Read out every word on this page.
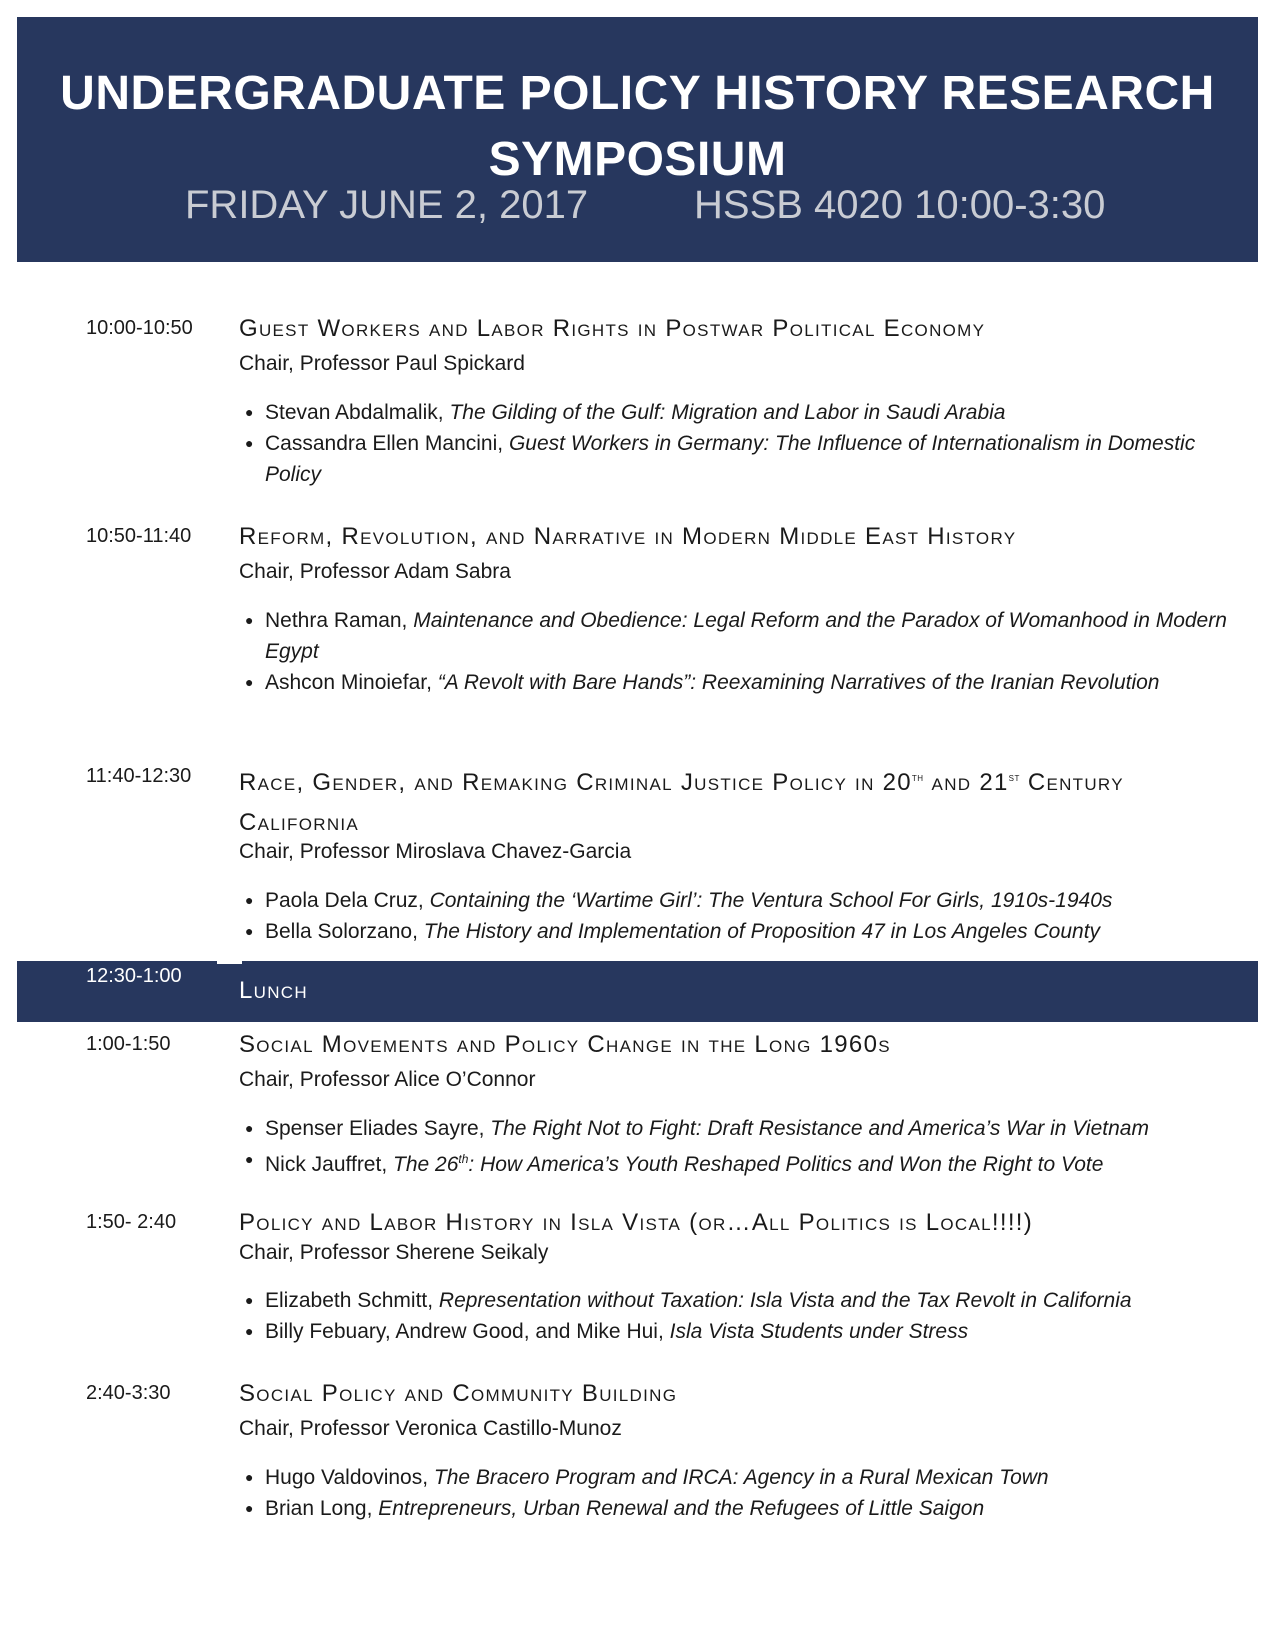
UNDERGRADUATE POLICY HISTORY RESEARCH SYMPOSIUM
FRIDAY JUNE 2, 2017	HSSB 4020 10:00-3:30
10:00-10:50 Guest Workers and Labor Rights in Postwar Political Economy
Chair, Professor Paul Spickard
● Stevan Abdalmalik, The Gilding of the Gulf: Migration and Labor in Saudi Arabia
● Cassandra Ellen Mancini, Guest Workers in Germany: The Influence of Internationalism in Domestic Policy
10:50-11:40 Reform, Revolution, and Narrative in Modern Middle East History
Chair, Professor Adam Sabra
● Nethra Raman, Maintenance and Obedience: Legal Reform and the Paradox of Womanhood in Modern Egypt
● Ashcon Minoiefar, “A Revolt with Bare Hands”: Reexamining Narratives of the Iranian Revolution
11:40-12:30 Race, Gender, and Remaking Criminal Justice Policy in 20th and 21st Century California
Chair, Professor Miroslava Chavez-Garcia
● Paola Dela Cruz, Containing the ‘Wartime Girl’: The Ventura School For Girls, 1910s-1940s
● Bella Solorzano, The History and Implementation of Proposition 47 in Los Angeles County
12:30-1:00
Lunch
1:00-1:50	Social Movements and Policy Change in the Long 1960s
Chair, Professor Alice O’Connor
● Spenser Eliades Sayre, The Right Not to Fight: Draft Resistance and America’s War in Vietnam
● Nick Jauffret, The 26th: How America’s Youth Reshaped Politics and Won the Right to Vote
1:50- 2:40	Policy and Labor History in Isla Vista (or…All Politics is Local!!!!)
Chair, Professor Sherene Seikaly
● Elizabeth Schmitt, Representation without Taxation: Isla Vista and the Tax Revolt in California
● Billy Febuary, Andrew Good, and Mike Hui, Isla Vista Students under Stress
2:40-3:30	Social Policy and Community Building
Chair, Professor Veronica Castillo-Munoz
● Hugo Valdovinos, The Bracero Program and IRCA: Agency in a Rural Mexican Town
● Brian Long, Entrepreneurs, Urban Renewal and the Refugees of Little Saigon
